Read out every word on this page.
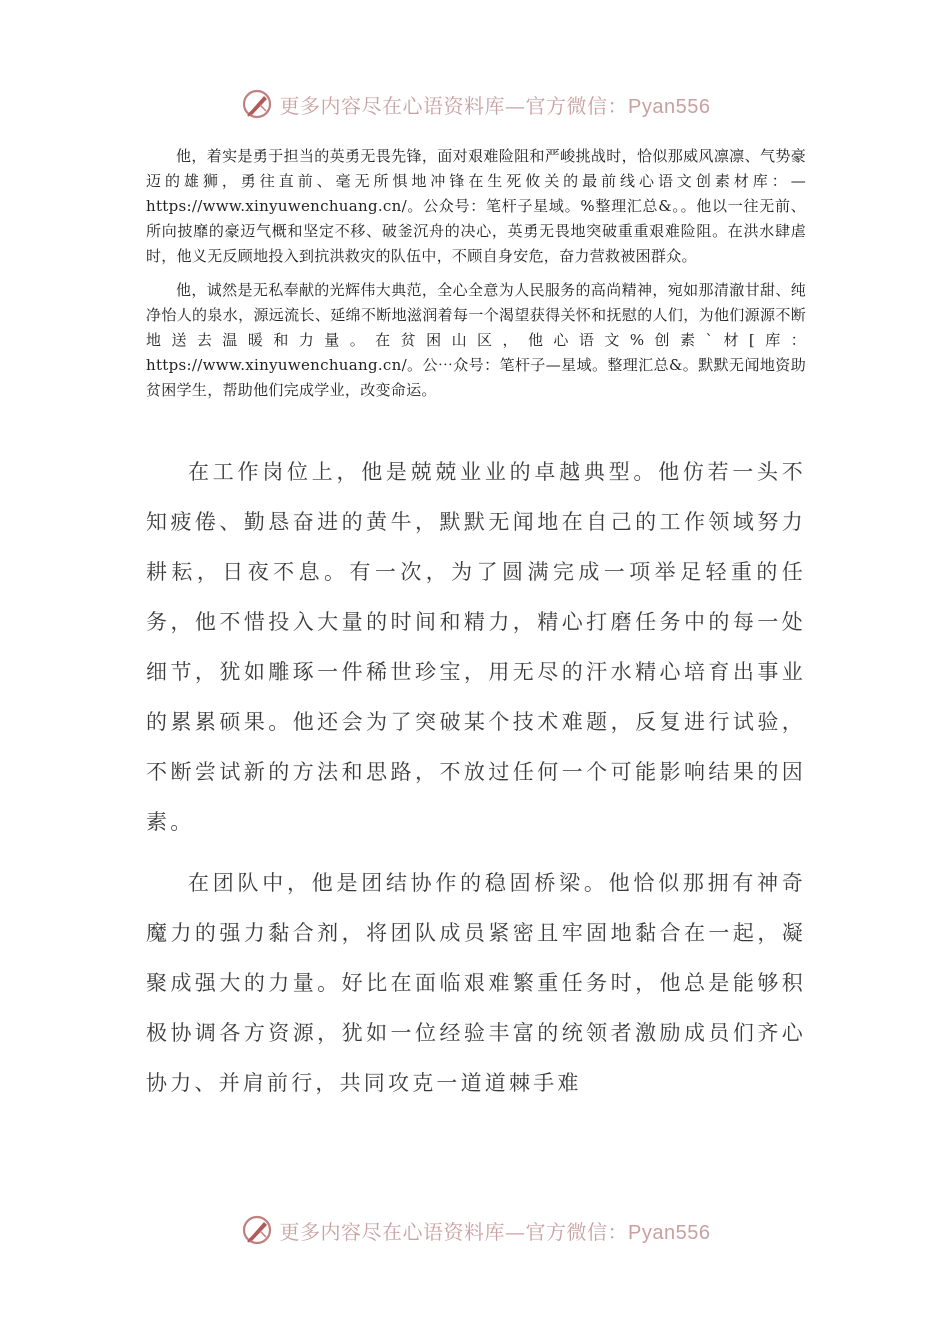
更多内容尽在心语资料库—官方微信：Pyan556

他，着实是勇于担当的英勇无畏先锋，面对艰难险阻和严峻挑战时，恰似那威风凛凛、气势豪迈的雄狮，勇往直前、毫无所惧地冲锋在生死攸关的最前线心语文创素材库：—https://www.xinyuwenchuang.cn/。公众号：笔杆子星域。%整理汇总&。。他以一往无前、所向披靡的豪迈气概和坚定不移、破釜沉舟的决心，英勇无畏地突破重重艰难险阻。在洪水肆虐时，他义无反顾地投入到抗洪救灾的队伍中，不顾自身安危，奋力营救被困群众。

他，诚然是无私奉献的光辉伟大典范，全心全意为人民服务的高尚精神，宛如那清澈甘甜、纯净怡人的泉水，源远流长、延绵不断地滋润着每一个渴望获得关怀和抚慰的人们，为他们源源不断地送去温暖和力量。在贫困山区，他心语文%创素`材[库：https://www.xinyuwenchuang.cn/。公⋯众号：笔杆子—星域。整理汇总&。默默无闻地资助贫困学生，帮助他们完成学业，改变命运。

在工作岗位上，他是兢兢业业的卓越典型。他仿若一头不知疲倦、勤恳奋进的黄牛，默默无闻地在自己的工作领域努力耕耘，日夜不息。有一次，为了圆满完成一项举足轻重的任务，他不惜投入大量的时间和精力，精心打磨任务中的每一处细节，犹如雕琢一件稀世珍宝，用无尽的汗水精心培育出事业的累累硕果。他还会为了突破某个技术难题，反复进行试验，不断尝试新的方法和思路，不放过任何一个可能影响结果的因素。

在团队中，他是团结协作的稳固桥梁。他恰似那拥有神奇魔力的强力黏合剂，将团队成员紧密且牢固地黏合在一起，凝聚成强大的力量。好比在面临艰难繁重任务时，他总是能够积极协调各方资源，犹如一位经验丰富的统领者激励成员们齐心协力、并肩前行，共同攻克一道道棘手难

更多内容尽在心语资料库—官方微信：Pyan556
